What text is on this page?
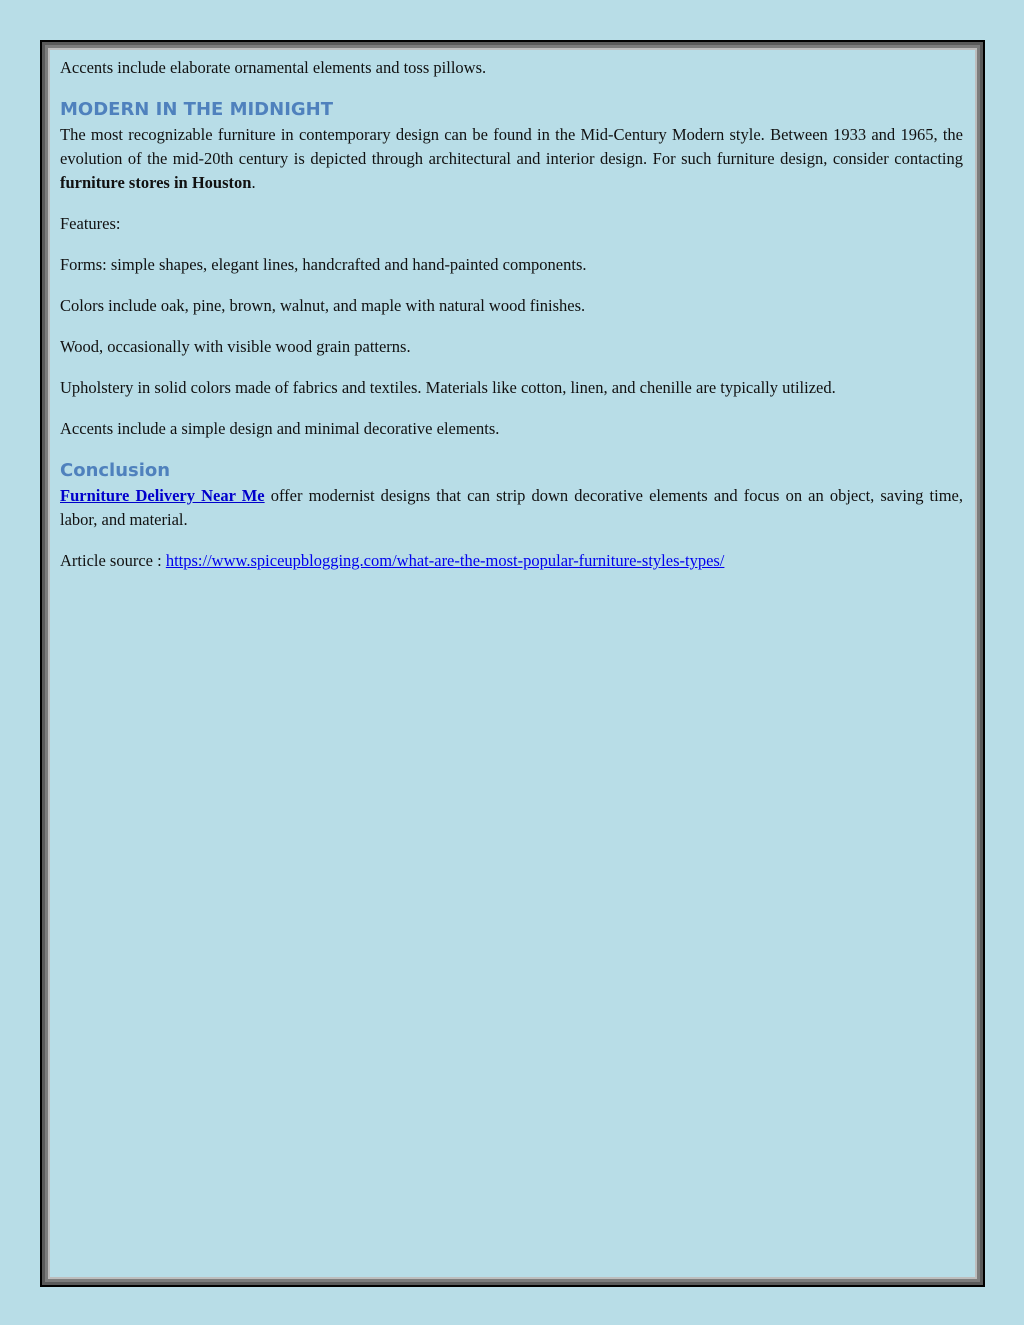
Accents include elaborate ornamental elements and toss pillows.

MODERN IN THE MIDNIGHT

The most recognizable furniture in contemporary design can be found in the Mid-Century Modern style. Between 1933 and 1965, the evolution of the mid-20th century is depicted through architectural and interior design. For such furniture design, consider contacting furniture stores in Houston.

Features:

Forms: simple shapes, elegant lines, handcrafted and hand-painted components.

Colors include oak, pine, brown, walnut, and maple with natural wood finishes.

Wood, occasionally with visible wood grain patterns.

Upholstery in solid colors made of fabrics and textiles. Materials like cotton, linen, and chenille are typically utilized.

Accents include a simple design and minimal decorative elements.

Conclusion

Furniture Delivery Near Me offer modernist designs that can strip down decorative elements and focus on an object, saving time, labor, and material.

Article source : https://www.spiceupblogging.com/what-are-the-most-popular-furniture-styles-types/
